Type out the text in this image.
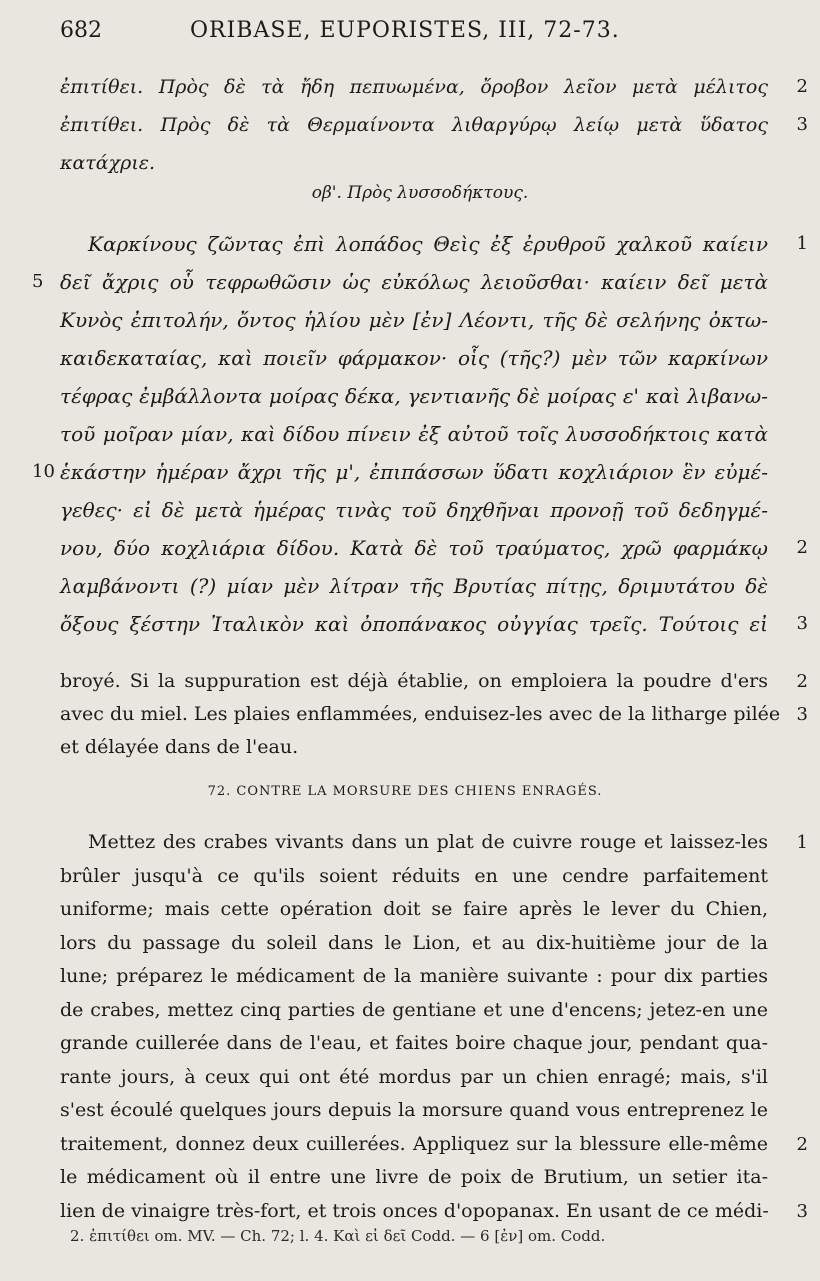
682	ORIBASE, EUPORISTES, III, 72-73.
ἐπιτίθει. Πρὸς δὲ τὰ ἤδη πεπυωμένα, ὄροβον λεῖον μετὰ μέλιτος 2
ἐπιτίθει. Πρὸς δὲ τὰ Θερμαίνοντα λιθαργύρῳ λείῳ μετὰ ὕδατος 3
κατάχριε.
οβ'. Πρὸς λυσσοδήκτους.
Καρκίνους ζῶντας ἐπὶ λοπάδος Θεὶς ἐξ ἐρυθροῦ χαλκοῦ καίειν 1
5 δεῖ ἄχρις οὗ τεφρωθῶσιν ὡς εὐκόλως λειοῦσθαι· καίειν δεῖ μετὰ
Κυνὸς ἐπιτολήν, ὄντος ἡλίου μὲν [ἐν] Λέοντι, τῆς δὲ σελήνης ὀκτω-
καιδεκαταίας, καὶ ποιεῖν φάρμακον· οἷς (τῆς?) μὲν τῶν καρκίνων
τέφρας ἐμβάλλοντα μοίρας δέκα, γεντιανῆς δὲ μοίρας ε' καὶ λιβανω-
τοῦ μοῖραν μίαν, καὶ δίδου πίνειν ἐξ αὐτοῦ τοῖς λυσσοδήκτοις κατὰ
10 ἑκάστην ἡμέραν ἄχρι τῆς μ', ἐπιπάσσων ὕδατι κοχλιάριον ἓν εὐμέ-
γεθες· εἰ δὲ μετὰ ἡμέρας τινὰς τοῦ δηχθῆναι προνοῇ τοῦ δεδηγμέ-
νου, δύο κοχλιάρια δίδου. Κατὰ δὲ τοῦ τραύματος, χρῶ φαρμάκῳ 2
λαμβάνοντι (?) μίαν μὲν λίτραν τῆς Βρυτίας πίτῃς, δριμυτάτου δὲ
ὄξους ξέστην Ἰταλικὸν καὶ ὀποπάνακος οὐγγίας τρεῖς. Τούτοις εἰ 3
broyé. Si la suppuration est déjà établie, on emploiera la poudre d'ers 2
avec du miel. Les plaies enflammées, enduisez-les avec de la litharge pilée 3
et délayée dans de l'eau.
72. CONTRE LA MORSURE DES CHIENS ENRAGÉS.
Mettez des crabes vivants dans un plat de cuivre rouge et laissez-les 1
brûler jusqu'à ce qu'ils soient réduits en une cendre parfaitement
uniforme; mais cette opération doit se faire après le lever du Chien,
lors du passage du soleil dans le Lion, et au dix-huitième jour de la
lune; préparez le médicament de la manière suivante : pour dix parties
de crabes, mettez cinq parties de gentiane et une d'encens; jetez-en une
grande cuillerée dans de l'eau, et faites boire chaque jour, pendant qua-
rante jours, à ceux qui ont été mordus par un chien enragé; mais, s'il
s'est écoulé quelques jours depuis la morsure quand vous entreprenez le
traitement, donnez deux cuillerées. Appliquez sur la blessure elle-même 2
le médicament où il entre une livre de poix de Brutium, un setier ita-
lien de vinaigre très-fort, et trois onces d'opopanax. En usant de ce médi- 3
2. ἐπιτίθει om. MV. — Ch. 72; l. 4. Καὶ εἰ δεῖ Codd. — 6 [ἐν] om. Codd.
